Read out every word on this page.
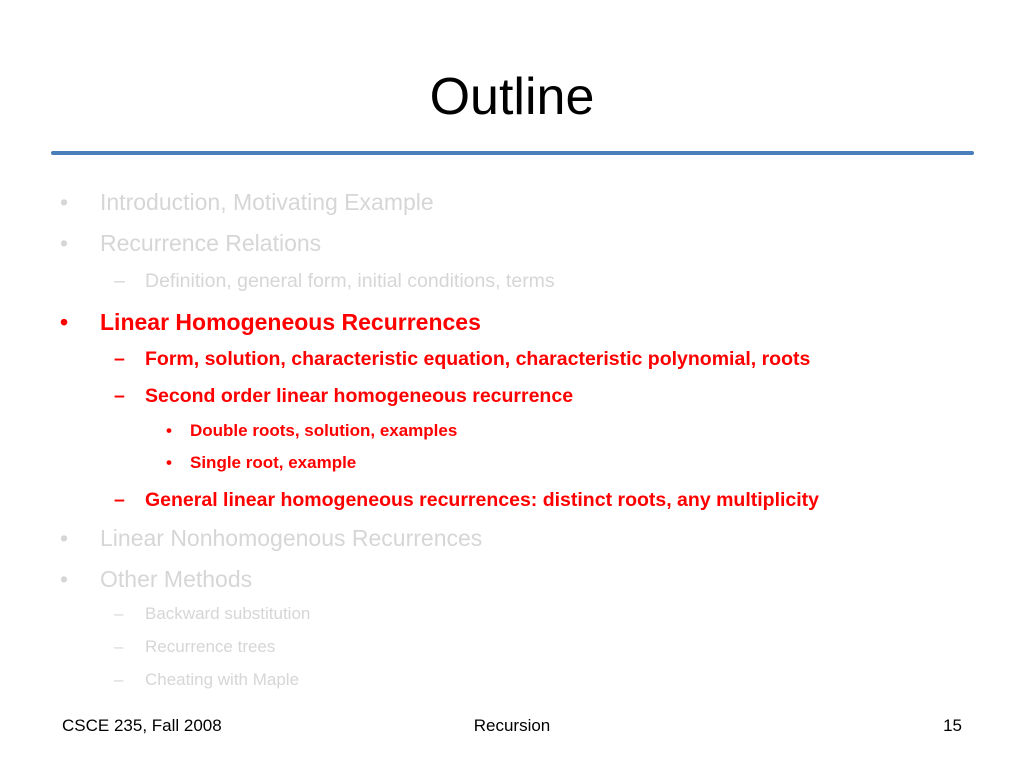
Outline
• Introduction, Motivating Example
• Recurrence Relations
– Definition, general form, initial conditions, terms
• Linear Homogeneous Recurrences
– Form, solution, characteristic equation, characteristic polynomial, roots
– Second order linear homogeneous recurrence
• Double roots, solution, examples
• Single root, example
– General linear homogeneous recurrences: distinct roots, any multiplicity
• Linear Nonhomogenous Recurrences
• Other Methods
– Backward substitution
– Recurrence trees
– Cheating with Maple
CSCE 235, Fall 2008	Recursion	15
